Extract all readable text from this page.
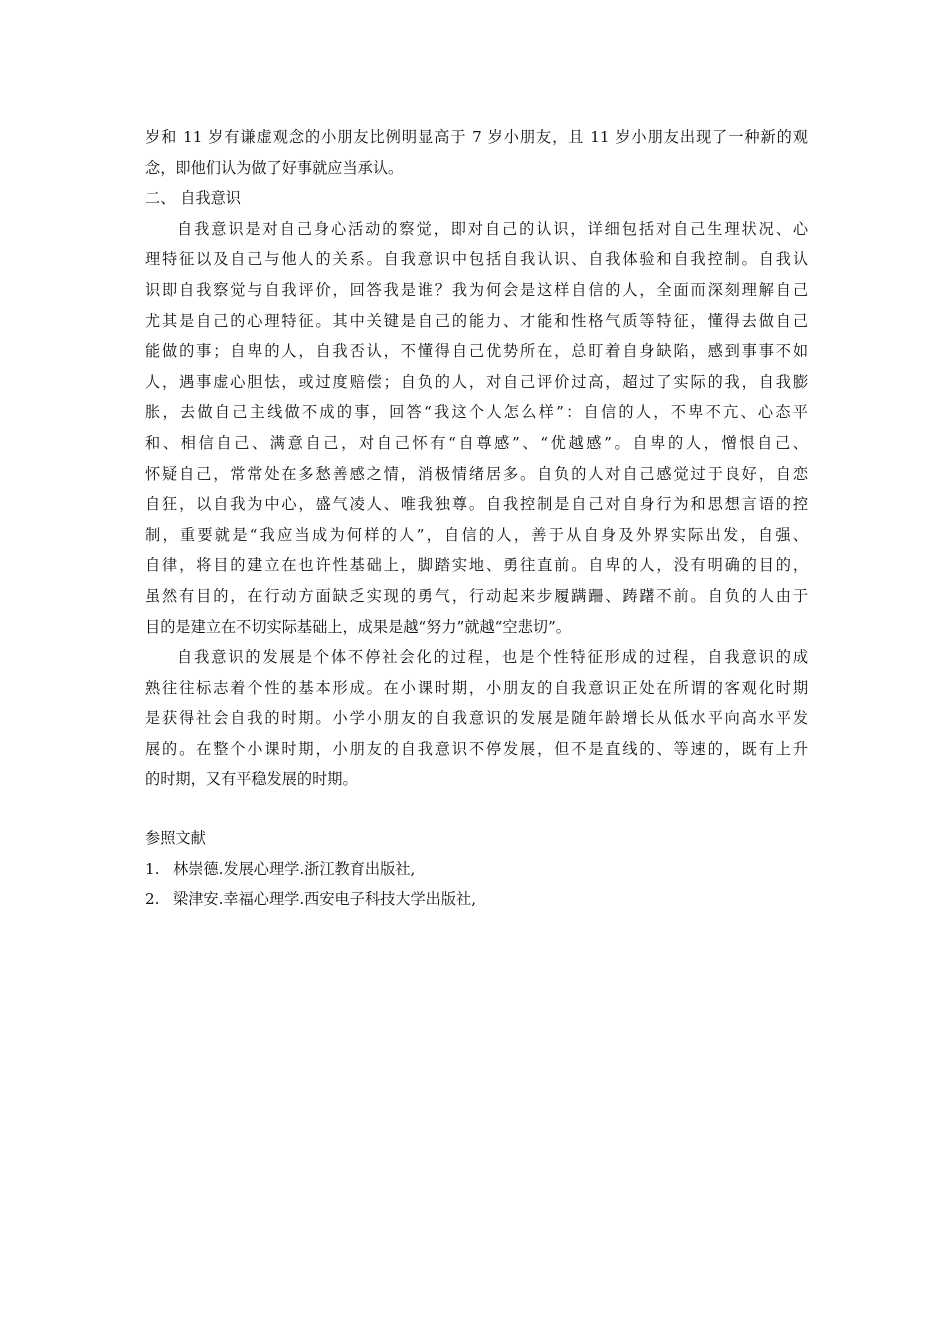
岁和 11 岁有谦虚观念的小朋友比例明显高于 7 岁小朋友，且 11 岁小朋友出现了一种新的观
念，即他们认为做了好事就应当承认。
二、 自我意识
自我意识是对自己身心活动的察觉，即对自己的认识，详细包括对自己生理状况、心
理特征以及自己与他人的关系。自我意识中包括自我认识、自我体验和自我控制。自我认
识即自我察觉与自我评价，回答我是谁？我为何会是这样自信的人，全面而深刻理解自己
尤其是自己的心理特征。其中关键是自己的能力、才能和性格气质等特征，懂得去做自己
能做的事；自卑的人，自我否认，不懂得自己优势所在，总盯着自身缺陷，感到事事不如
人，遇事虚心胆怯，或过度赔偿；自负的人，对自己评价过高，超过了实际的我，自我膨
胀，去做自己主线做不成的事，回答“我这个人怎么样”：自信的人，不卑不亢、心态平
和、相信自己、满意自己，对自己怀有“自尊感”、“优越感”。自卑的人，憎恨自己、
怀疑自己，常常处在多愁善感之情，消极情绪居多。自负的人对自己感觉过于良好，自恋
自狂，以自我为中心，盛气凌人、唯我独尊。自我控制是自己对自身行为和思想言语的控
制，重要就是“我应当成为何样的人”，自信的人，善于从自身及外界实际出发，自强、
自律，将目的建立在也许性基础上，脚踏实地、勇往直前。自卑的人，没有明确的目的，
虽然有目的，在行动方面缺乏实现的勇气，行动起来步履蹒跚、踌躇不前。自负的人由于
目的是建立在不切实际基础上，成果是越“努力”就越“空悲切”。
自我意识的发展是个体不停社会化的过程，也是个性特征形成的过程，自我意识的成
熟往往标志着个性的基本形成。在小课时期，小朋友的自我意识正处在所谓的客观化时期
是获得社会自我的时期。小学小朋友的自我意识的发展是随年龄增长从低水平向高水平发
展的。在整个小课时期，小朋友的自我意识不停发展，但不是直线的、等速的，既有上升
的时期，又有平稳发展的时期。
参照文献
1. 林崇德.发展心理学.浙江教育出版社,
2. 梁津安.幸福心理学.西安电子科技大学出版社,
